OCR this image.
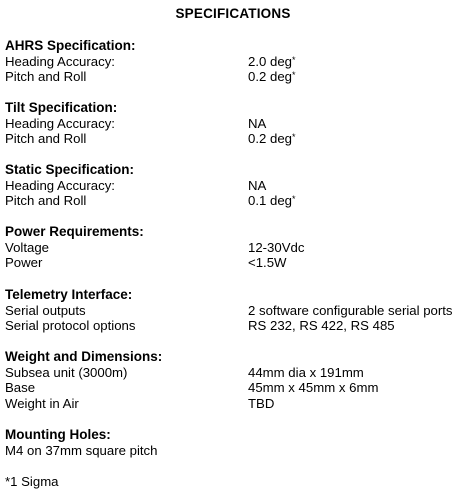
SPECIFICATIONS
AHRS Specification:
Heading Accuracy:	2.0 deg*
Pitch and Roll	0.2 deg*
Tilt Specification:
Heading Accuracy:	NA
Pitch and Roll	0.2 deg*
Static Specification:
Heading Accuracy:	NA
Pitch and Roll	0.1 deg*
Power Requirements:
Voltage	12-30Vdc
Power	<1.5W
Telemetry Interface:
Serial outputs	2 software configurable serial ports
Serial protocol options	RS 232, RS 422, RS 485
Weight and Dimensions:
Subsea unit (3000m)	44mm dia x 191mm
Base	45mm x 45mm x 6mm
Weight in Air	TBD
Mounting Holes:
M4 on 37mm square pitch
*1 Sigma
